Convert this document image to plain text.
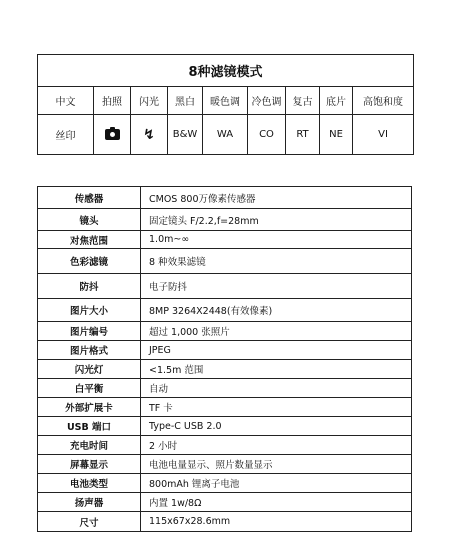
8种滤镜模式								
中文	拍照	闪光	黑白	暖色调	冷色调	复古	底片	高饱和度
丝印		↯	B&W	WA	CO	RT	NE	VI
传感器	CMOS 800万像素传感器
镜头	固定镜头 F/2.2,f=28mm
对焦范围	1.0m~∞
色彩滤镜	8 种效果滤镜
防抖	电子防抖
图片大小	8MP 3264X2448(有效像素)
图片编号	超过 1,000 张照片
图片格式	JPEG
闪光灯	<1.5m 范围
白平衡	自动
外部扩展卡	TF 卡
USB 端口	Type-C USB 2.0
充电时间	2 小时
屏幕显示	电池电量显示、照片数量显示
电池类型	800mAh 锂离子电池
扬声器	内置 1w/8Ω
尺寸	115x67x28.6mm
